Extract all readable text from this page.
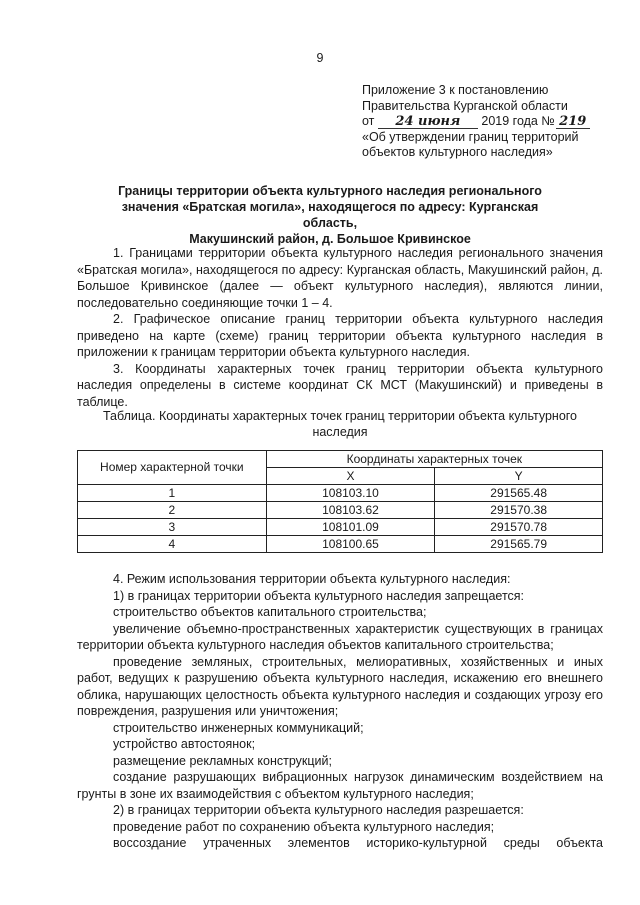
9
Приложение 3 к постановлению
Правительства Курганской области
от 24 июня 2019 года № 219
«Об утверждении границ территорий
объектов культурного наследия»
Границы территории объекта культурного наследия регионального
значения «Братская могила», находящегося по адресу: Курганская область,
Макушинский район, д. Большое Кривинское

1. Границами территории объекта культурного наследия регионального значения «Братская могила», находящегося по адресу: Курганская область, Макушинский район, д. Большое Кривинское (далее — объект культурного наследия), являются линии, последовательно соединяющие точки 1 – 4.

2. Графическое описание границ территории объекта культурного наследия приведено на карте (схеме) границ территории объекта культурного наследия в приложении к границам территории объекта культурного наследия.

3. Координаты характерных точек границ территории объекта культурного наследия определены в системе координат СК МСТ (Макушинский) и приведены в таблице.

Таблица. Координаты характерных точек границ территории объекта культурного
наследия
Номер характерной точки	Координаты характерных точек	
	X	Y
1	108103.10	291565.48
2	108103.62	291570.38
3	108101.09	291570.78
4	108100.65	291565.79

4. Режим использования территории объекта культурного наследия:

1) в границах территории объекта культурного наследия запрещается:

строительство объектов капитального строительства;

увеличение объемно-пространственных характеристик существующих в границах территории объекта культурного наследия объектов капитального строительства;

проведение земляных, строительных, мелиоративных, хозяйственных и иных работ, ведущих к разрушению объекта культурного наследия, искажению его внешнего облика, нарушающих целостность объекта культурного наследия и создающих угрозу его повреждения, разрушения или уничтожения;

строительство инженерных коммуникаций;

устройство автостоянок;

размещение рекламных конструкций;

создание разрушающих вибрационных нагрузок динамическим воздействием на грунты в зоне их взаимодействия с объектом культурного наследия;

2) в границах территории объекта культурного наследия разрешается:

проведение работ по сохранению объекта культурного наследия;

воссоздание утраченных элементов историко-культурной среды объекта
